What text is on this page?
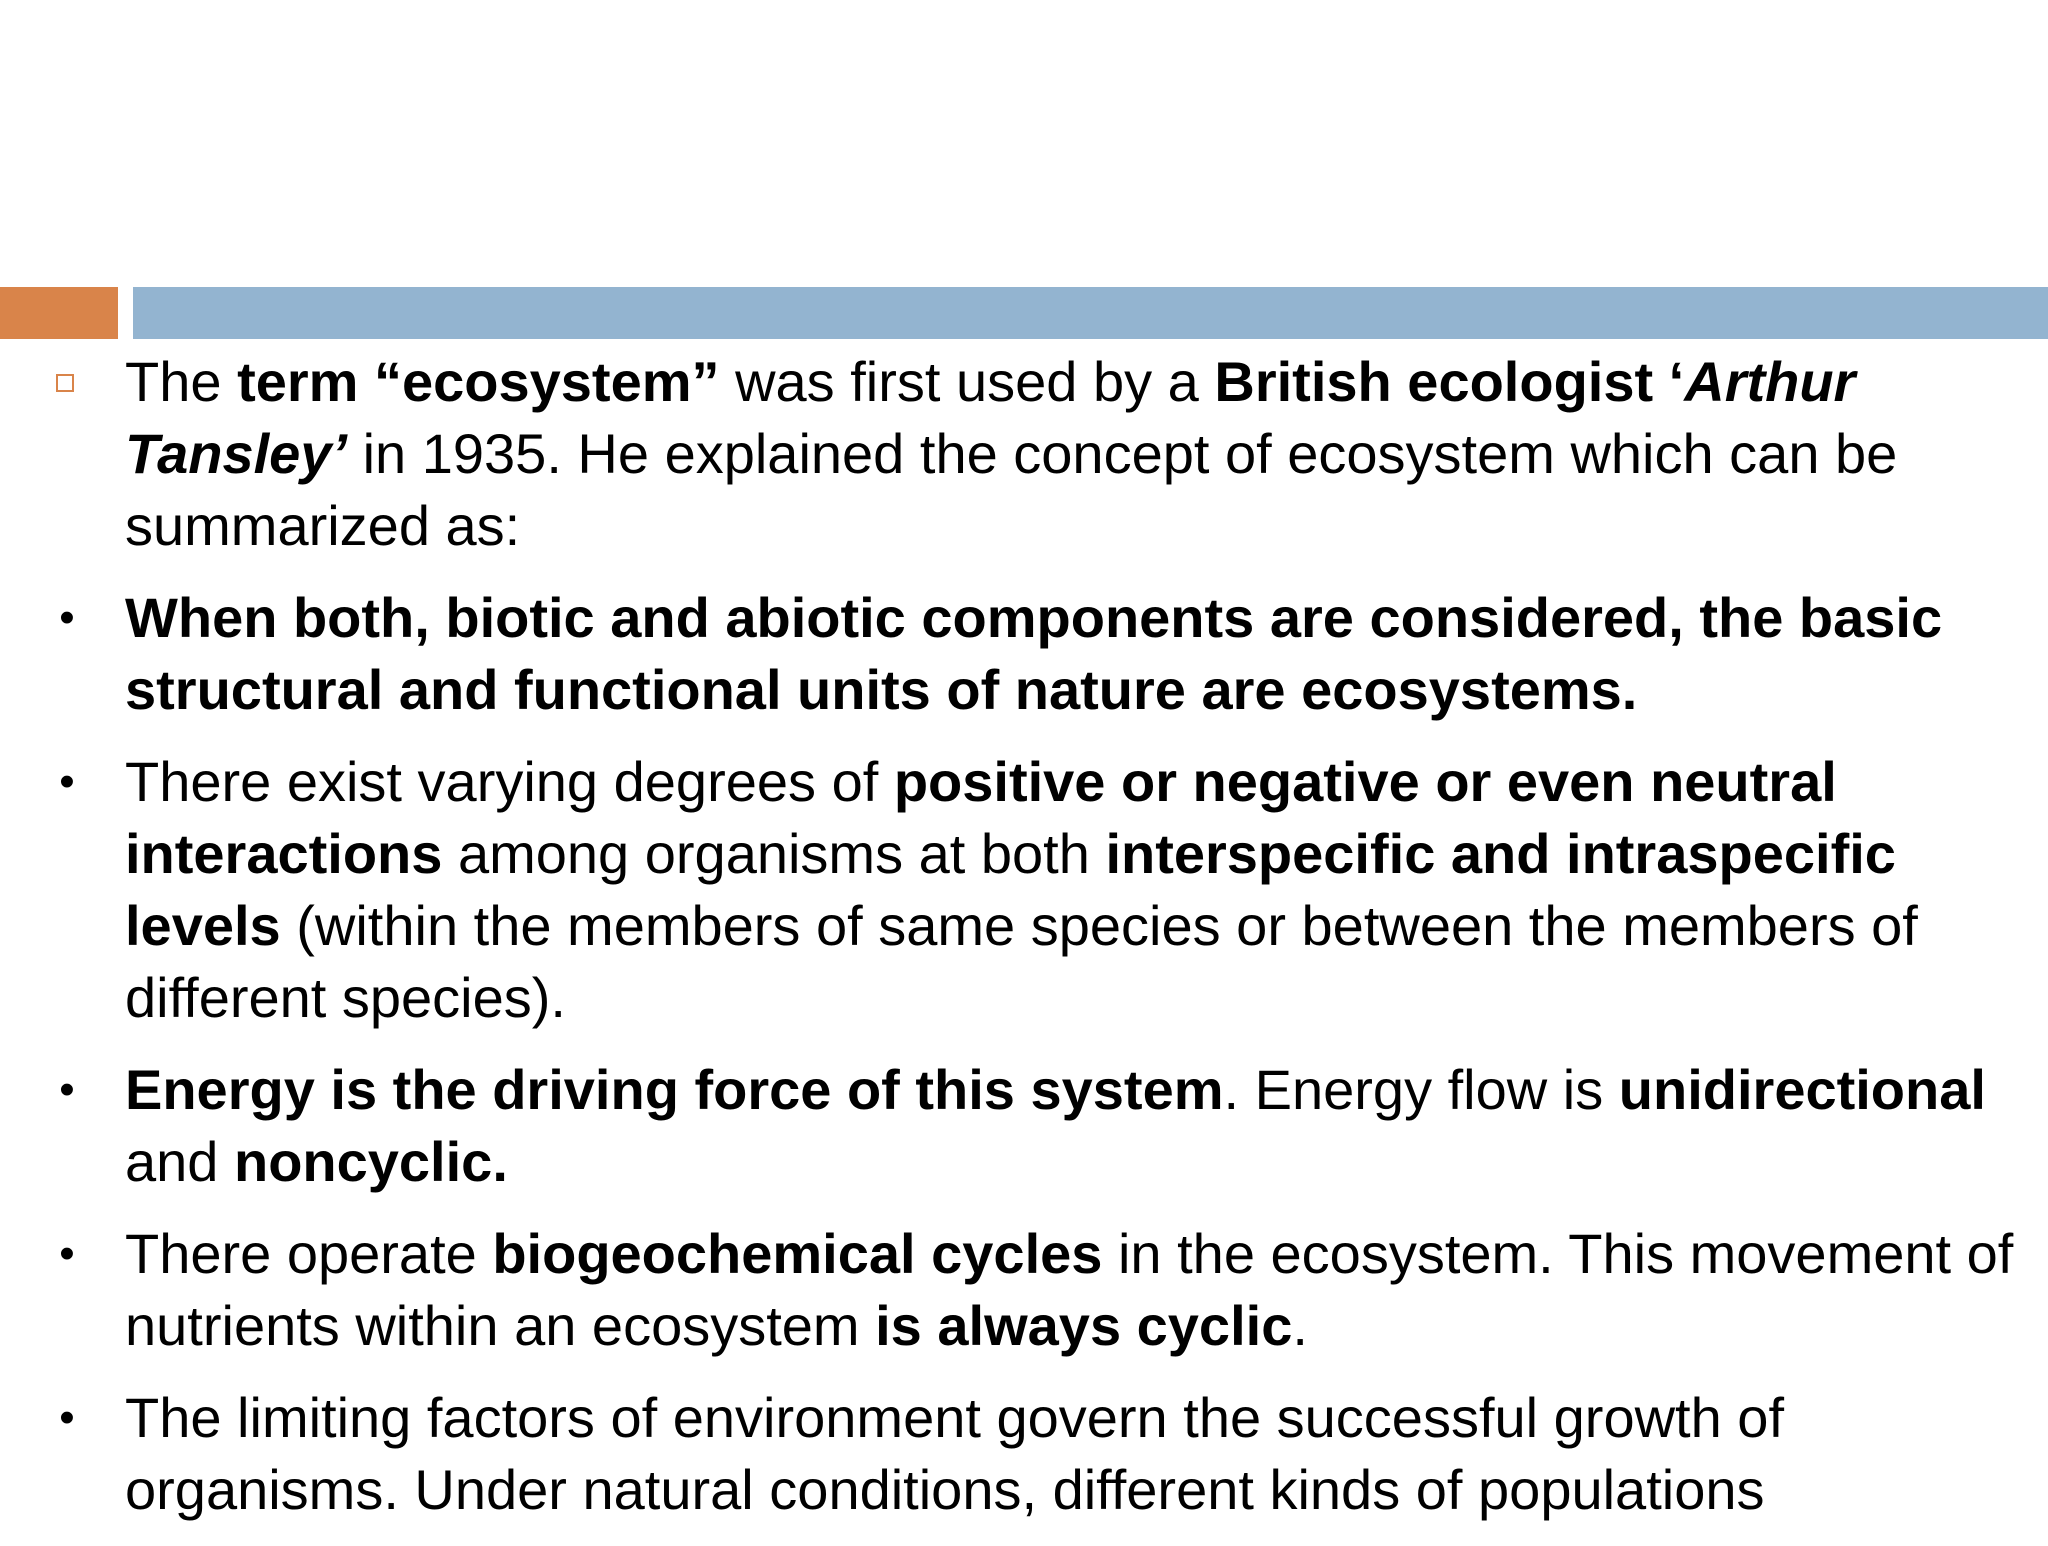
The term “ecosystem” was first used by a British ecologist ‘Arthur Tansley’ in 1935. He explained the concept of ecosystem which can be summarized as:
• When both, biotic and abiotic components are considered, the basic structural and functional units of nature are ecosystems.
• There exist varying degrees of positive or negative or even neutral interactions among organisms at both interspecific and intraspecific levels (within the members of same species or between the members of different species).
• Energy is the driving force of this system. Energy flow is unidirectional and noncyclic.
• There operate biogeochemical cycles in the ecosystem. This movement of nutrients within an ecosystem is always cyclic.
• The limiting factors of environment govern the successful growth of organisms. Under natural conditions, different kinds of populations
